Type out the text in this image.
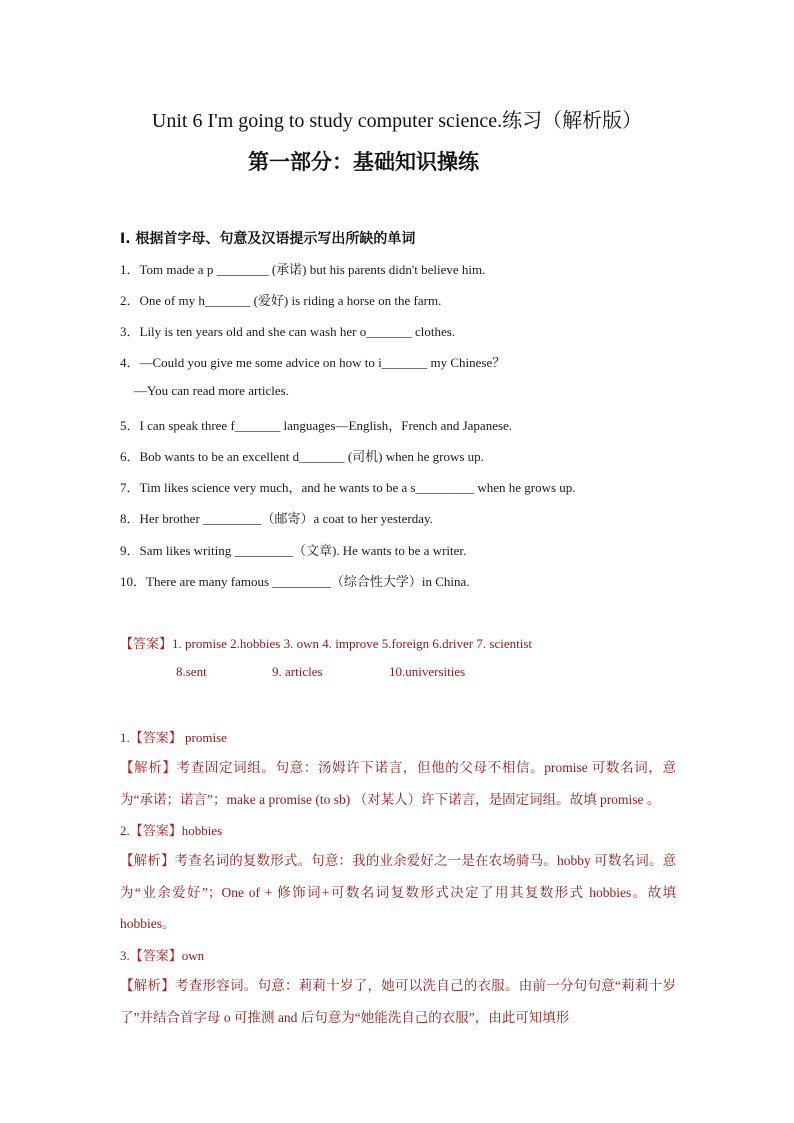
Unit 6 I'm going to study computer science.练习（解析版）
第一部分：基础知识操练
Ⅰ. 根据首字母、句意及汉语提示写出所缺的单词
1．Tom made a p ________ (承诺) but his parents didn't believe him.
2．One of my h_______ (爱好) is riding a horse on the farm.
3．Lily is ten years old and she can wash her o_______ clothes.
4．—Could you give me some advice on how to i_______ my Chinese？
—You can read more articles.
5．I can speak three f_______ languages—English，French and Japanese.
6．Bob wants to be an excellent d_______ (司机) when he grows up.
7．Tim likes science very much，and he wants to be a s_________ when he grows up.
8．Her brother _________（邮寄）a coat to her yesterday.
9．Sam likes writing _________（文章). He wants to be a writer.
10．There are many famous _________（综合性大学）in China.
【答案】1. promise 2.hobbies 3. own 4. improve 5.foreign 6.driver 7. scientist
8.sent	9. articles	10.universities
1.【答案】 promise
【解析】考查固定词组。句意：汤姆许下诺言，但他的父母不相信。promise 可数名词，意为“承诺；诺言”；make a promise (to sb) （对某人）许下诺言，是固定词组。故填 promise 。
2.【答案】hobbies
【解析】考查名词的复数形式。句意：我的业余爱好之一是在农场骑马。hobby 可数名词。意为“业余爱好”；One of + 修饰词+可数名词复数形式决定了用其复数形式 hobbies。故填 hobbies。
3.【答案】own
【解析】考查形容词。句意：莉莉十岁了，她可以洗自己的衣服。由前一分句句意“莉莉十岁了”并结合首字母 o 可推测 and 后句意为“她能洗自己的衣服”，由此可知填形
